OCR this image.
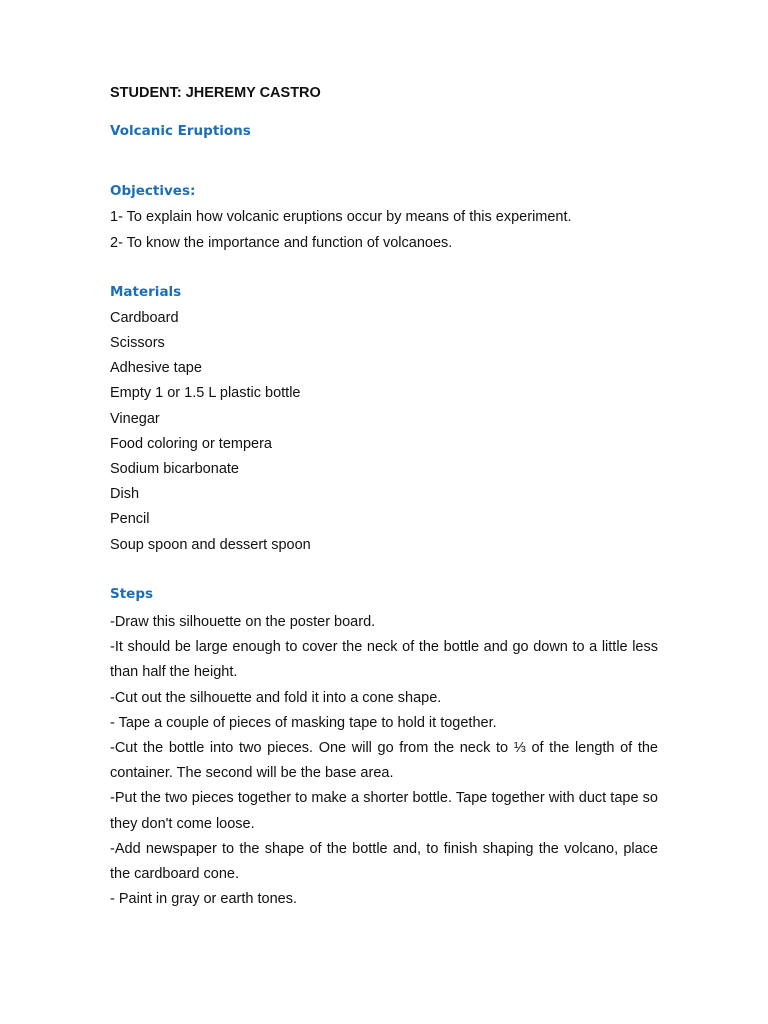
STUDENT: JHEREMY CASTRO
Volcanic Eruptions
Objectives:
1- To explain how volcanic eruptions occur by means of this experiment.
2- To know the importance and function of volcanoes.
Materials
Cardboard
Scissors
Adhesive tape
Empty 1 or 1.5 L plastic bottle
Vinegar
Food coloring or tempera
Sodium bicarbonate
Dish
Pencil
Soup spoon and dessert spoon
Steps

-Draw this silhouette on the poster board.

-It should be large enough to cover the neck of the bottle and go down to a little less than half the height.

-Cut out the silhouette and fold it into a cone shape.

- Tape a couple of pieces of masking tape to hold it together.

-Cut the bottle into two pieces. One will go from the neck to ⅓ of the length of the container. The second will be the base area.

-Put the two pieces together to make a shorter bottle. Tape together with duct tape so they don't come loose.

-Add newspaper to the shape of the bottle and, to finish shaping the volcano, place the cardboard cone.

- Paint in gray or earth tones.
